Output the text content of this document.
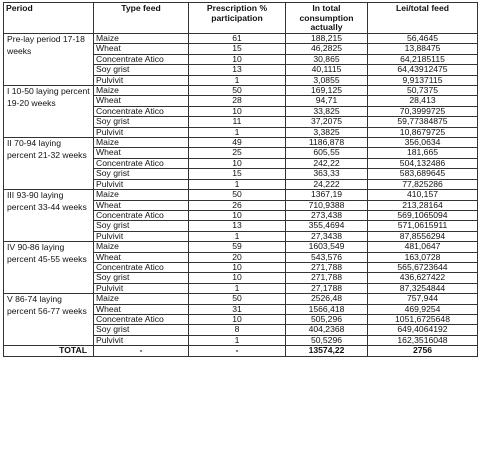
Period	Type feed	Prescription % participation	In total consumption actually	Lei/total feed
Pre-lay period 17-18 weeks	Maize	61	188,215	56,4645
	Wheat	15	46,2825	13,88475
	Concentrate Atico	10	30,865	64,2185115
	Soy grist	13	40,1115	64,43912475
	Pulvivit	1	3,0855	9,9137115
I 10-50 laying percent 19-20 weeks	Maize	50	169,125	50,7375
	Wheat	28	94,71	28,413
	Concentrate Atico	10	33,825	70,3999725
	Soy grist	11	37,2075	59,77384875
	Pulvivit	1	3,3825	10,8679725
II 70-94 laying percent 21-32 weeks	Maize	49	1186,878	356,0634
	Wheat	25	605,55	181,665
	Concentrate Atico	10	242,22	504,132486
	Soy grist	15	363,33	583,689645
	Pulvivit	1	24,222	77,825286
III 93-90 laying percent 33-44 weeks	Maize	50	1367,19	410,157
	Wheat	26	710,9388	213,28164
	Concentrate Atico	10	273,438	569,1065094
	Soy grist	13	355,4694	571,0615911
	Pulvivit	1	27,3438	87,8556294
IV 90-86 laying percent 45-55 weeks	Maize	59	1603,549	481,0647
	Wheat	20	543,576	163,0728
	Concentrate Atico	10	271,788	565,6723644
	Soy grist	10	271,788	436,627422
	Pulvivit	1	27,1788	87,3254844
V 86-74 laying percent 56-77 weeks	Maize	50	2526,48	757,944
	Wheat	31	1566,418	469,9254
	Concentrate Atico	10	505,296	1051,6725648
	Soy grist	8	404,2368	649,4064192
	Pulvivit	1	50,5296	162,3516048
TOTAL	-	-	13574,22	2756
